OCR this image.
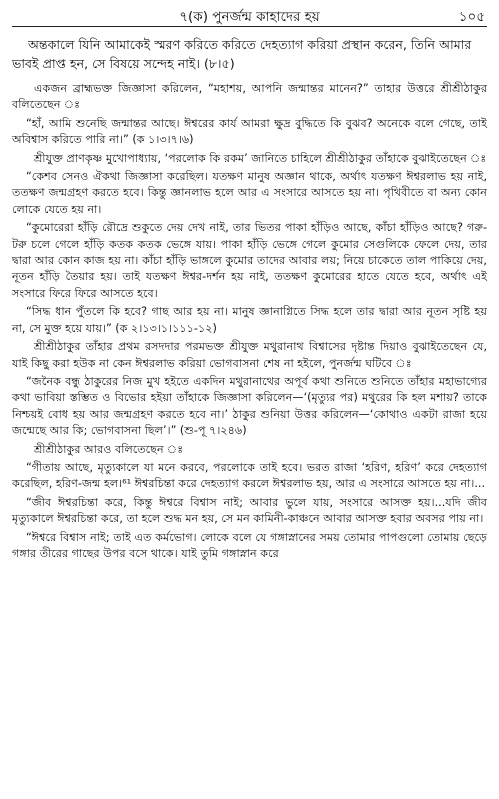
৭(ক) পুনর্জন্ম কাহাদের হয়	১০৫

অন্তকালে যিনি আমাকেই স্মরণ করিতে করিতে দেহত্যাগ করিয়া প্রস্থান করেন, তিনি আমার ভাবই প্রাপ্ত হন, সে বিষয়ে সন্দেহ নাই। (৮।৫)

একজন ব্রাহ্মভক্ত জিজ্ঞাসা করিলেন, “মহাশয়, আপনি জন্মান্তর মানেন?” তাহার উত্তরে শ্রীশ্রীঠাকুর বলিতেছেন ঃ

“হাঁ, আমি শুনেছি জন্মান্তর আছে। ঈশ্বরের কার্য আমরা ক্ষুদ্র বুদ্ধিতে কি বুঝব? অনেকে বলে গেছে, তাই অবিশ্বাস করিতে পারি না।” (ক ১।৩।৭।৬)

শ্রীযুক্ত প্রাণকৃষ্ণ মুখোপাধ্যায়, ‘পরলোক কি রকম’ জানিতে চাহিলে শ্রীশ্রীঠাকুর তাঁহাকে বুঝাইতেছেন ঃ

“কেশব সেনও ঐকথা জিজ্ঞাসা করেছিল। যতক্ষণ মানুষ অজ্ঞান থাকে, অর্থাৎ যতক্ষণ ঈশ্বরলাভ হয় নাই, ততক্ষণ জন্মগ্রহণ করতে হবে। কিন্তু জ্ঞানলাভ হলে আর এ সংসারে আসতে হয় না। পৃথিবীতে বা অন্য কোন লোকে যেতে হয় না।

“কুমোরেরা হাঁড়ি রৌদ্রে শুকুতে দেয় দেখ নাই, তার ভিতর পাকা হাঁড়িও আছে, কাঁচা হাঁড়িও আছে? গরু-টরু চলে গেলে হাঁড়ি কতক কতক ভেঙ্গে যায়। পাকা হাঁড়ি ভেঙ্গে গেলে কুমোর সেগুলিকে ফেলে দেয়, তার দ্বারা আর কোন কাজ হয় না। কাঁচা হাঁড়ি ভাঙ্গলে কুমোর তাদের আবার লয়; নিয়ে চাকেতে তাল পাকিয়ে দেয়, নূতন হাঁড়ি তৈয়ার হয়। তাই যতক্ষণ ঈশ্বর-দর্শন হয় নাই, ততক্ষণ কুমোরের হাতে যেতে হবে, অর্থাৎ এই সংসারে ফিরে ফিরে আসতে হবে।

“সিদ্ধ ধান পুঁতলে কি হবে? গাছ আর হয় না। মানুষ জ্ঞানাগ্নিতে সিদ্ধ হলে তার দ্বারা আর নূতন সৃষ্টি হয় না, সে মুক্ত হয়ে যায়।” (ক ২।১৩।১।১১১-১২)

শ্রীশ্রীঠাকুর তাঁহার প্রথম রসদদার পরমভক্ত শ্রীযুক্ত মথুরানাথ বিশ্বাসের দৃষ্টান্ত দিয়াও বুঝাইতেছেন যে, যাই কিছু করা হউক না কেন ঈশ্বরলাভ করিয়া ভোগবাসনা শেষ না হইলে, পুনর্জন্ম ঘটিবে ঃ

“জনৈক বন্ধু ঠাকুরের নিজ মুখ হইতে একদিন মথুরানাথের অপূর্ব কথা শুনিতে শুনিতে তাঁহার মহাভাগ্যের কথা ভাবিয়া স্তম্ভিত ও বিভোর হইয়া তাঁহাকে জিজ্ঞাসা করিলেন—‘(মৃত্যুর পর) মথুরের কি হল মশায়? তাকে নিশ্চয়ই বোধ হয় আর জন্মগ্রহণ করতে হবে না।’ ঠাকুর শুনিয়া উত্তর করিলেন—‘কোথাও একটা রাজা হয়ে জন্মেছে আর কি; ভোগবাসনা ছিল’।” (শু-পূ ৭।২৪৬)

শ্রীশ্রীঠাকুর আরও বলিতেছেন ঃ

“গীতায় আছে, মৃত্যুকালে যা মনে করবে, পরলোকে তাই হবে। ভরত রাজা ‘হরিণ, হরিণ’ করে দেহত্যাগ করেছিল, হরিণ-জন্ম হল।⁶¹ ঈশ্বরচিন্তা করে দেহত্যাগ করলে ঈশ্বরলাভ হয়, আর এ সংসারে আসতে হয় না।...

“জীব ঈশ্বরচিন্তা করে, কিন্তু ঈশ্বরে বিশ্বাস নাই; আবার ভুলে যায়, সংসারে আসক্ত হয়।...যদি জীব মৃত্যুকালে ঈশ্বরচিন্তা করে, তা হলে শুদ্ধ মন হয়, সে মন কামিনী-কাঞ্চনে আবার আসক্ত হবার অবসর পায় না।

“ঈশ্বরে বিশ্বাস নাই; তাই এত কর্মভোগ। লোকে বলে যে গঙ্গাস্নানের সময় তোমার পাপগুলো তোমায় ছেড়ে গঙ্গার তীরের গাছের উপর বসে থাকে। যাই তুমি গঙ্গাস্নান করে
